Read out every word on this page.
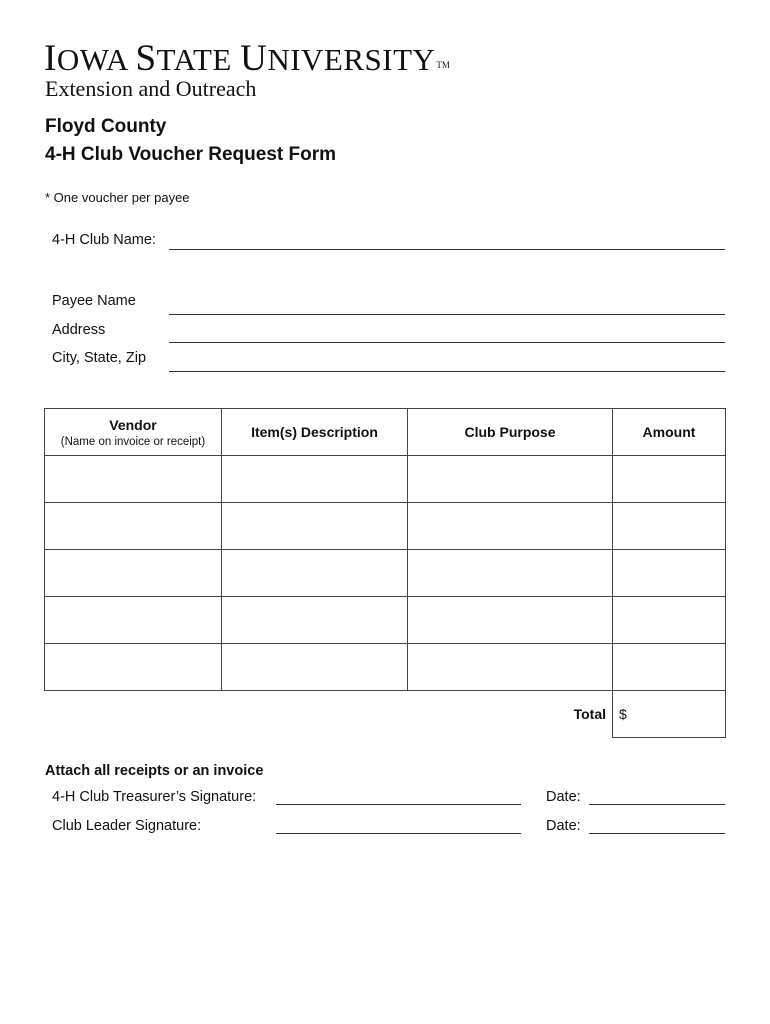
IOWA STATE UNIVERSITYTM
Extension and Outreach
Floyd County
4-H Club Voucher Request Form
* One voucher per payee
4-H Club Name:
Payee Name
Address
City, State, Zip
Vendor
(Name on invoice or receipt)	Item(s) Description	Club Purpose	Amount

		Total	$
Attach all receipts or an invoice
4-H Club Treasurer’s Signature:	Date:
Club Leader Signature:	Date:
